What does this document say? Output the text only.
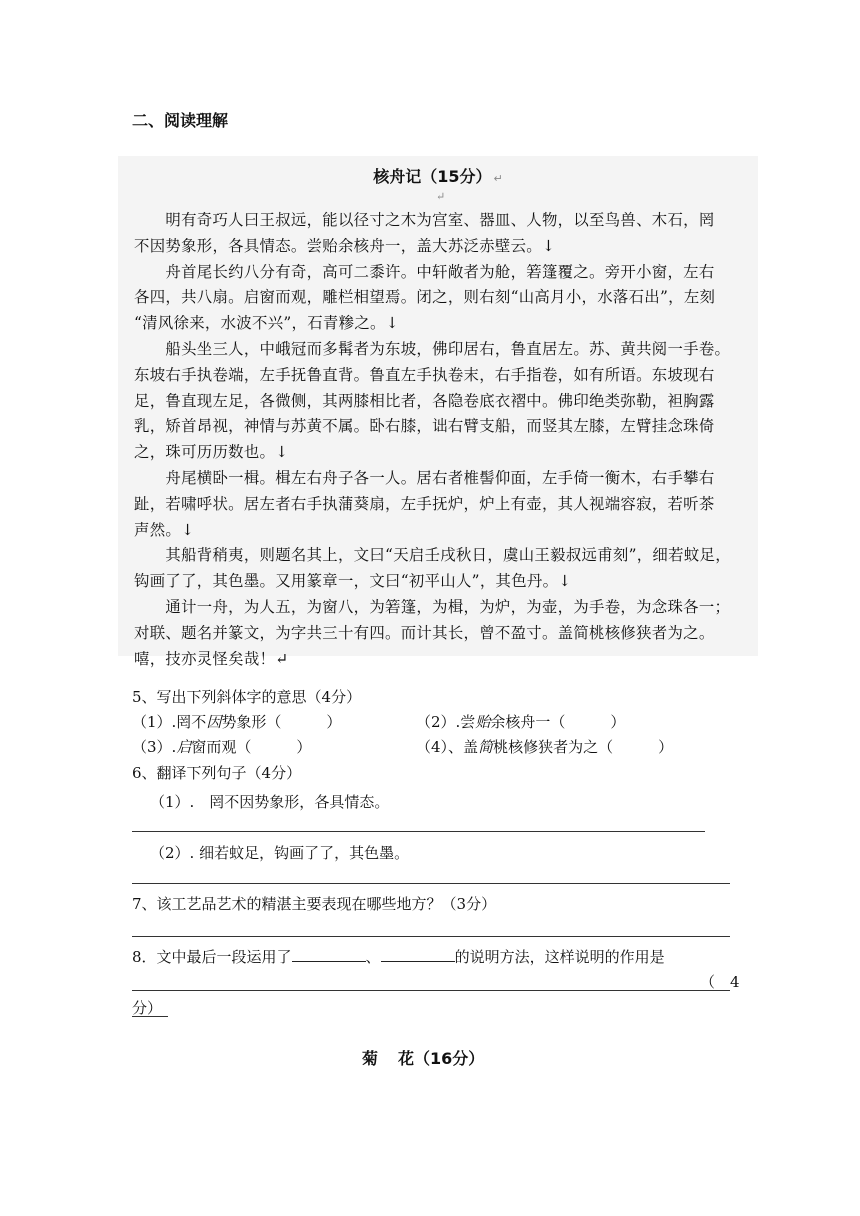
二、阅读理解
核舟记（15分） ↵
↵
　　明有奇巧人曰王叔远，能以径寸之木为宫室、器皿、人物，以至鸟兽、木石，罔
不因势象形，各具情态。尝贻余核舟一，盖大苏泛赤壁云。↓
　　舟首尾长约八分有奇，高可二黍许。中轩敞者为舱，箬篷覆之。旁开小窗，左右
各四，共八扇。启窗而观，雕栏相望焉。闭之，则右刻“山高月小，水落石出”，左刻
“清风徐来，水波不兴”，石青糁之。↓
　　船头坐三人，中峨冠而多髯者为东坡，佛印居右，鲁直居左。苏、黄共阅一手卷。
东坡右手执卷端，左手抚鲁直背。鲁直左手执卷末，右手指卷，如有所语。东坡现右
足，鲁直现左足，各微侧，其两膝相比者，各隐卷底衣褶中。佛印绝类弥勒，袒胸露
乳，矫首昂视，神情与苏黄不属。卧右膝，诎右臂支船，而竖其左膝，左臂挂念珠倚
之，珠可历历数也。↓
　　舟尾横卧一楫。楫左右舟子各一人。居右者椎髻仰面，左手倚一衡木，右手攀右
趾，若啸呼状。居左者右手执蒲葵扇，左手抚炉，炉上有壶，其人视端容寂，若听茶
声然。↓
　　其船背稍夷，则题名其上，文曰“天启壬戌秋日，虞山王毅叔远甫刻”，细若蚊足，
钩画了了，其色墨。又用篆章一，文曰“初平山人”，其色丹。↓
　　通计一舟，为人五，为窗八，为箬篷，为楫，为炉，为壶，为手卷，为念珠各一；
对联、题名并篆文，为字共三十有四。而计其长，曾不盈寸。盖简桃核修狭者为之。
嘻，技亦灵怪矣哉！↵
5、写出下列斜体字的意思（4分）
（1）.罔不因势象形（　　　）	（2）.尝贻余核舟一（　　　）
（3）.启窗而观（　　　）	（4）、盖简桃核修狭者为之（　　　）
6、翻译下列句子（4分）
（1）.　罔不因势象形，各具情态。
（2）. 细若蚊足，钩画了了，其色墨。
7、该工艺品艺术的精湛主要表现在哪些地方？（3分）
8．文中最后一段运用了	、	的说明方法，这样说明的作用是
（　4
分）
菊 花（16分）
